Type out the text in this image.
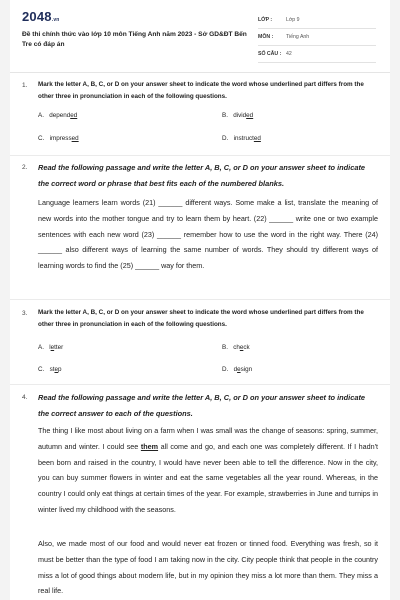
2048.vn
Đề thi chính thức vào lớp 10 môn Tiếng Anh năm 2023 - Sở GD&ĐT Bến Tre có đáp án
LỚP :	Lớp 9
MÔN :	Tiếng Anh
SỐ CÂU : 42
1. Mark the letter A, B, C, or D on your answer sheet to indicate the word whose underlined part differs from the other three in pronunciation in each of the following questions.
A. depended	B. divided
C. impressed	D. instructed
2. Read the following passage and write the letter A, B, C, or D on your answer sheet to indicate the correct word or phrase that best fits each of the numbered blanks.
Language learners learn words (21) ______ different ways. Some make a list, translate the meaning of new words into the mother tongue and try to learn them by heart. (22) ______ write one or two example sentences with each new word (23) ______ remember how to use the word in the right way. There (24) ______ also different ways of learning the same number of words. They should try different ways of learning words to find the (25) ______ way for them.
3. Mark the letter A, B, C, or D on your answer sheet to indicate the word whose underlined part differs from the other three in pronunciation in each of the following questions.
A. letter	B. check
C. step	D. design
4. Read the following passage and write the letter A, B, C, or D on your answer sheet to indicate the correct answer to each of the questions.
The thing I like most about living on a farm when I was small was the change of seasons: spring, summer, autumn and winter. I could see them all come and go, and each one was completely different. If I hadn't been born and raised in the country, I would have never been able to tell the difference. Now in the city, you can buy summer flowers in winter and eat the same vegetables all the year round. Whereas, in the country I could only eat things at certain times of the year. For example, strawberries in June and turnips in winter lived my childhood with the seasons.
Also, we made most of our food and would never eat frozen or tinned food. Everything was fresh, so it must be better than the type of food I am taking now in the city. City people think that people in the country miss a lot of good things about modern life, but in my opinion they miss a lot more than them. They miss a real life.
